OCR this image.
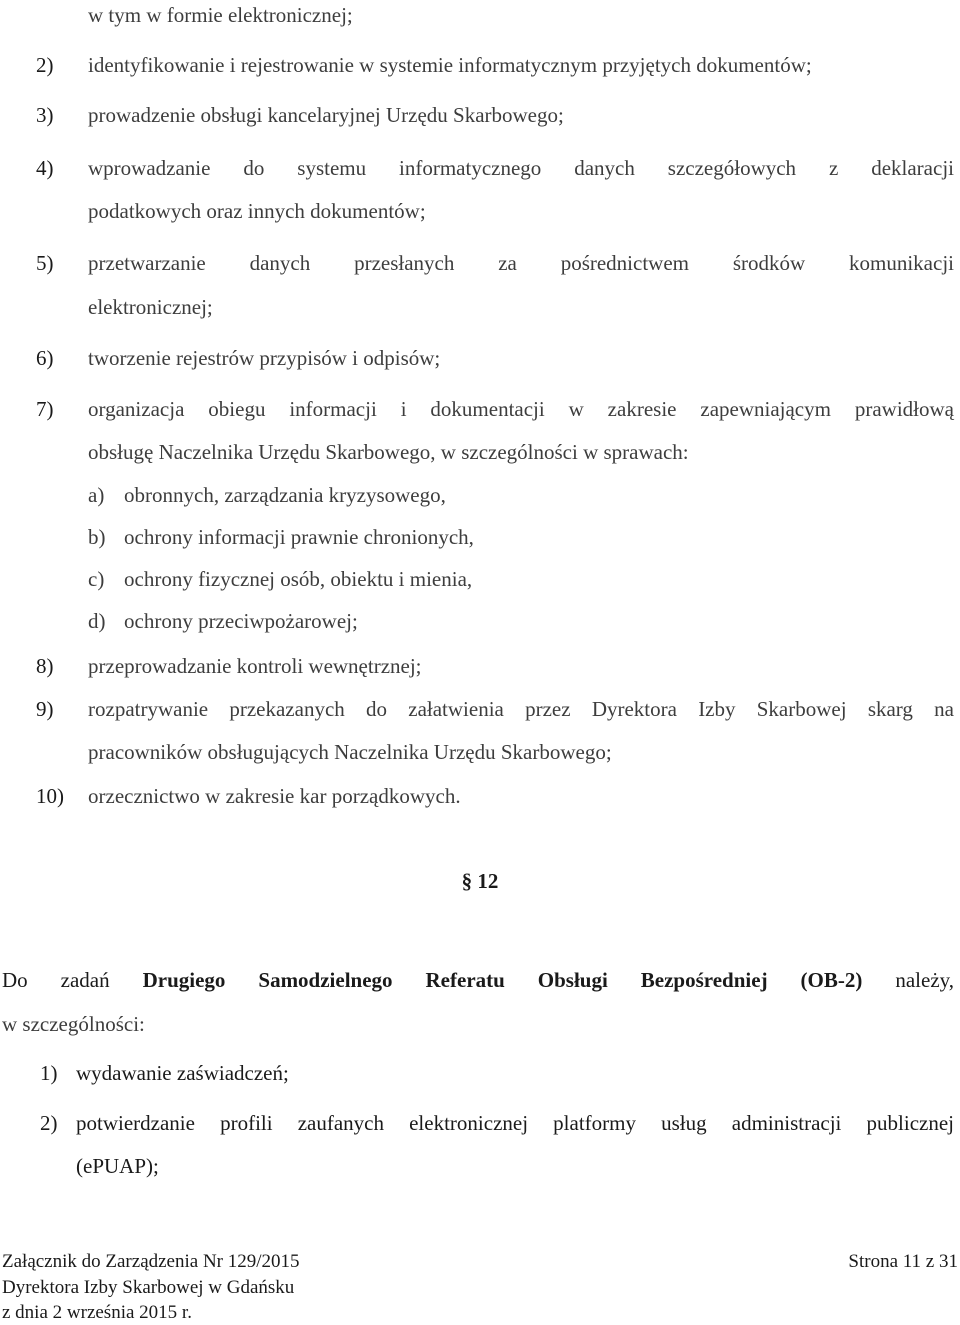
w tym w formie elektronicznej;
2) identyfikowanie i rejestrowanie w systemie informatycznym przyjętych dokumentów;
3) prowadzenie obsługi kancelaryjnej Urzędu Skarbowego;
4) wprowadzanie do systemu informatycznego danych szczegółowych z deklaracji
podatkowych oraz innych dokumentów;
5) przetwarzanie danych przesłanych za pośrednictwem środków komunikacji
elektronicznej;
6) tworzenie rejestrów przypisów i odpisów;
7) organizacja obiegu informacji i dokumentacji w zakresie zapewniającym prawidłową
obsługę Naczelnika Urzędu Skarbowego, w szczególności w sprawach:
a) obronnych, zarządzania kryzysowego,
b) ochrony informacji prawnie chronionych,
c) ochrony fizycznej osób, obiektu i mienia,
d) ochrony przeciwpożarowej;
8) przeprowadzanie kontroli wewnętrznej;
9) rozpatrywanie przekazanych do załatwienia przez Dyrektora Izby Skarbowej skarg na
pracowników obsługujących Naczelnika Urzędu Skarbowego;
10) orzecznictwo w zakresie kar porządkowych.
§ 12
Do zadań Drugiego Samodzielnego Referatu Obsługi Bezpośredniej (OB-2) należy,
w szczególności:
1) wydawanie zaświadczeń;
2) potwierdzanie profili zaufanych elektronicznej platformy usług administracji publicznej
(ePUAP);
Załącznik do Zarządzenia Nr 129/2015
Dyrektora Izby Skarbowej w Gdańsku
z dnia 2 września 2015 r.
Strona 11 z 31
